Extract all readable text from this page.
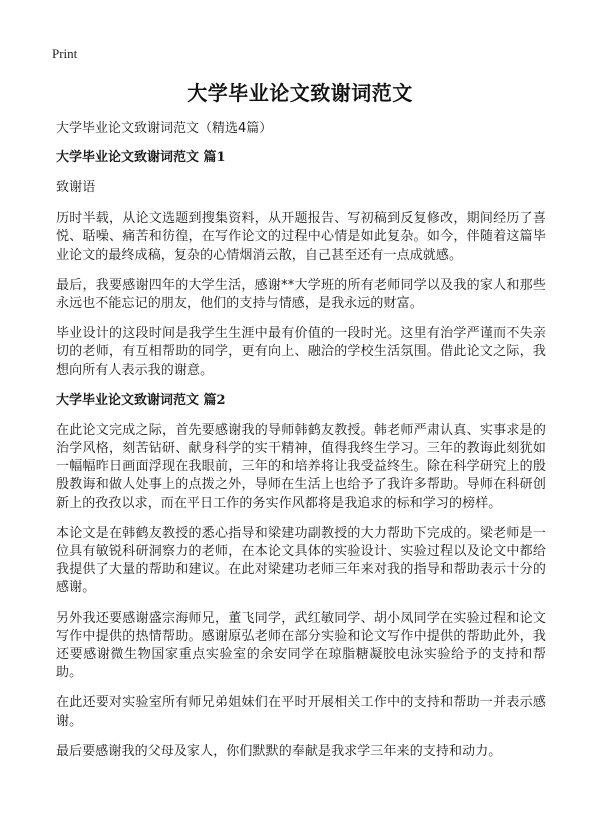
Print
大学毕业论文致谢词范文
大学毕业论文致谢词范文（精选4篇）
大学毕业论文致谢词范文 篇1
致谢语
历时半载，从论文选题到搜集资料，从开题报告、写初稿到反复修改，期间经历了喜悦、聒噪、痛苦和彷徨，在写作论文的过程中心情是如此复杂。如今，伴随着这篇毕业论文的最终成稿，复杂的心情烟消云散，自己甚至还有一点成就感。
最后，我要感谢四年的大学生活，感谢**大学班的所有老师同学以及我的家人和那些永远也不能忘记的朋友，他们的支持与情感，是我永远的财富。
毕业设计的这段时间是我学生生涯中最有价值的一段时光。这里有治学严谨而不失亲切的老师，有互相帮助的同学，更有向上、融洽的学校生活氛围。借此论文之际，我想向所有人表示我的谢意。
大学毕业论文致谢词范文 篇2
在此论文完成之际，首先要感谢我的导师韩鹤友教授。韩老师严肃认真、实事求是的治学风格，刻苦钻研、献身科学的实干精神，值得我终生学习。三年的教诲此刻犹如一幅幅昨日画面浮现在我眼前，三年的和培养将让我受益终生。除在科学研究上的殷殷教诲和做人处事上的点拨之外，导师在生活上也给予了我许多帮助。导师在科研创新上的孜孜以求，而在平日工作的务实作风都将是我追求的标和学习的榜样。
本论文是在韩鹤友教授的悉心指导和梁建功副教授的大力帮助下完成的。梁老师是一位具有敏锐科研洞察力的老师，在本论文具体的实验设计、实验过程以及论文中都给我提供了大量的帮助和建议。在此对梁建功老师三年来对我的指导和帮助表示十分的感谢。
另外我还要感谢盛宗海师兄，董飞同学，武红敏同学、胡小凤同学在实验过程和论文写作中提供的热情帮助。感谢原弘老师在部分实验和论文写作中提供的帮助此外，我还要感谢微生物国家重点实验室的余安同学在琼脂糖凝胶电泳实验给予的支持和帮助。
在此还要对实验室所有师兄弟姐妹们在平时开展相关工作中的支持和帮助一并表示感谢。
最后要感谢我的父母及家人，你们默默的奉献是我求学三年来的支持和动力。
